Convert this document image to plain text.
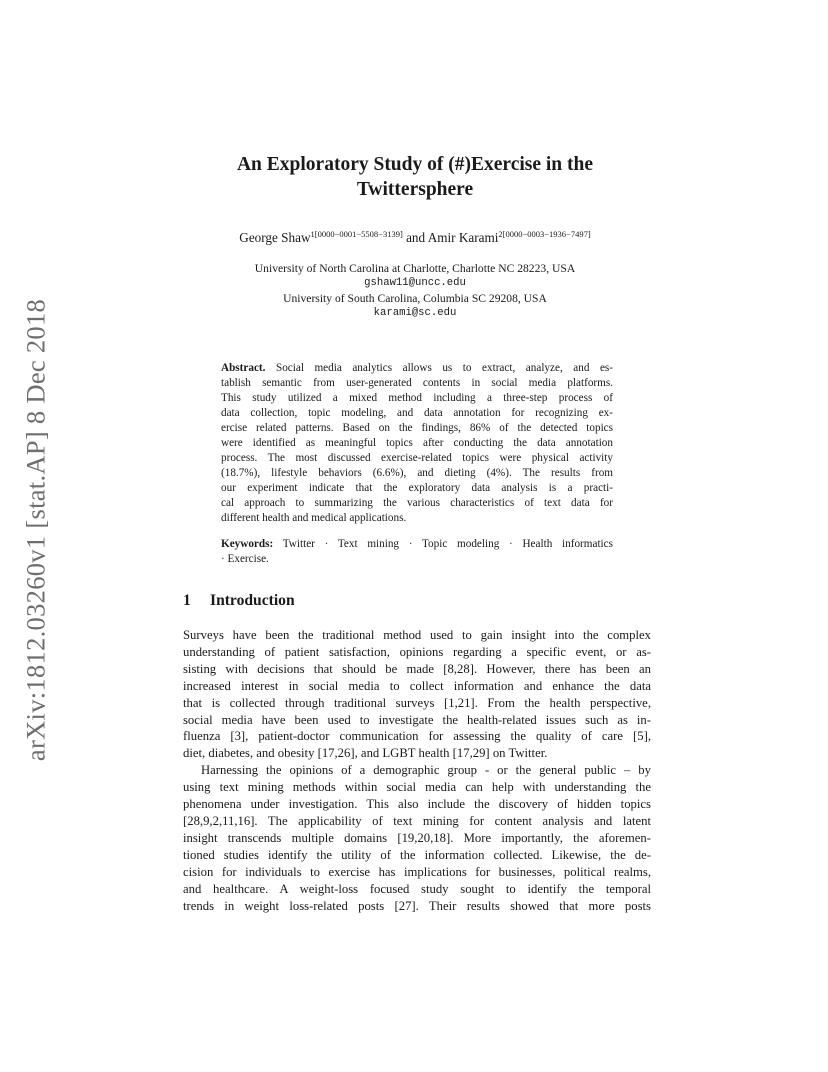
arXiv:1812.03260v1 [stat.AP] 8 Dec 2018
An Exploratory Study of (#)Exercise in the
Twittersphere
George Shaw$^{1[0000-0001-5508-3139]}$ and Amir Karami$^{2[0000-0003-1936-7497]}$
University of North Carolina at Charlotte, Charlotte NC 28223, USA
gshaw11@uncc.edu
University of South Carolina, Columbia SC 29208, USA
karami@sc.edu
Abstract. Social media analytics allows us to extract, analyze, and es-
tablish semantic from user-generated contents in social media platforms.
This study utilized a mixed method including a three-step process of
data collection, topic modeling, and data annotation for recognizing ex-
ercise related patterns. Based on the findings, 86% of the detected topics
were identified as meaningful topics after conducting the data annotation
process. The most discussed exercise-related topics were physical activity
(18.7%), lifestyle behaviors (6.6%), and dieting (4%). The results from
our experiment indicate that the exploratory data analysis is a practi-
cal approach to summarizing the various characteristics of text data for
different health and medical applications.
Keywords: Twitter · Text mining · Topic modeling · Health informatics
· Exercise.
1 Introduction
Surveys have been the traditional method used to gain insight into the complex
understanding of patient satisfaction, opinions regarding a specific event, or as-
sisting with decisions that should be made [8,28]. However, there has been an
increased interest in social media to collect information and enhance the data
that is collected through traditional surveys [1,21]. From the health perspective,
social media have been used to investigate the health-related issues such as in-
fluenza [3], patient-doctor communication for assessing the quality of care [5],
diet, diabetes, and obesity [17,26], and LGBT health [17,29] on Twitter.
Harnessing the opinions of a demographic group - or the general public – by
using text mining methods within social media can help with understanding the
phenomena under investigation. This also include the discovery of hidden topics
[28,9,2,11,16]. The applicability of text mining for content analysis and latent
insight transcends multiple domains [19,20,18]. More importantly, the aforemen-
tioned studies identify the utility of the information collected. Likewise, the de-
cision for individuals to exercise has implications for businesses, political realms,
and healthcare. A weight-loss focused study sought to identify the temporal
trends in weight loss-related posts [27]. Their results showed that more posts
